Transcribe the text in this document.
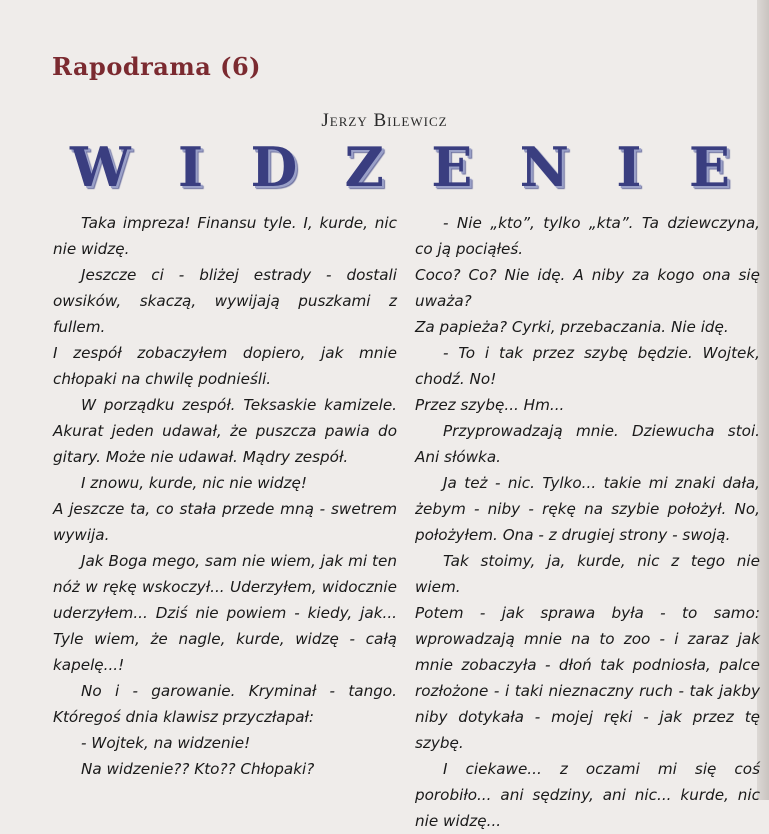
Rapodrama (6)
Jerzy Bilewicz
W I D Z E N I E

Taka impreza! Finansu tyle. I, kurde, nic nie widzę.

Jeszcze ci - bliżej estrady - dostali owsików, skaczą, wywijają puszkami z fullem.

I zespół zobaczyłem dopiero, jak mnie chłopaki na chwilę podnieśli.

W porządku zespół. Teksaskie kamizele. Akurat jeden udawał, że puszcza pawia do gitary. Może nie udawał. Mądry zespół.

I znowu, kurde, nic nie widzę!

A jeszcze ta, co stała przede mną - swetrem wywija.

Jak Boga mego, sam nie wiem, jak mi ten nóż w rękę wskoczył... Uderzyłem, widocznie uderzyłem... Dziś nie powiem - kiedy, jak... Tyle wiem, że nagle, kurde, widzę - całą kapelę...!

No i - garowanie. Kryminał - tango. Któregoś dnia klawisz przyczłapał:

- Wojtek, na widzenie!

Na widzenie?? Kto?? Chłopaki?

- Nie „kto”, tylko „kta”. Ta dziewczyna, co ją pociąłeś.

Coco? Co? Nie idę. A niby za kogo ona się uważa?

Za papieża? Cyrki, przebaczania. Nie idę.

- To i tak przez szybę będzie. Wojtek, chodź. No!

Przez szybę... Hm...

Przyprowadzają mnie. Dziewucha stoi. Ani słówka.

Ja też - nic. Tylko... takie mi znaki dała, żebym - niby - rękę na szybie położył. No, położyłem. Ona - z drugiej strony - swoją.

Tak stoimy, ja, kurde, nic z tego nie wiem.

Potem - jak sprawa była - to samo: wprowadzają mnie na to zoo - i zaraz jak mnie zobaczyła - dłoń tak podniosła, palce rozłożone - i taki nieznaczny ruch - tak jakby niby dotykała - mojej ręki - jak przez tę szybę.

I ciekawe... z oczami mi się coś porobiło... ani sędziny, ani nic... kurde, nic nie widzę...
